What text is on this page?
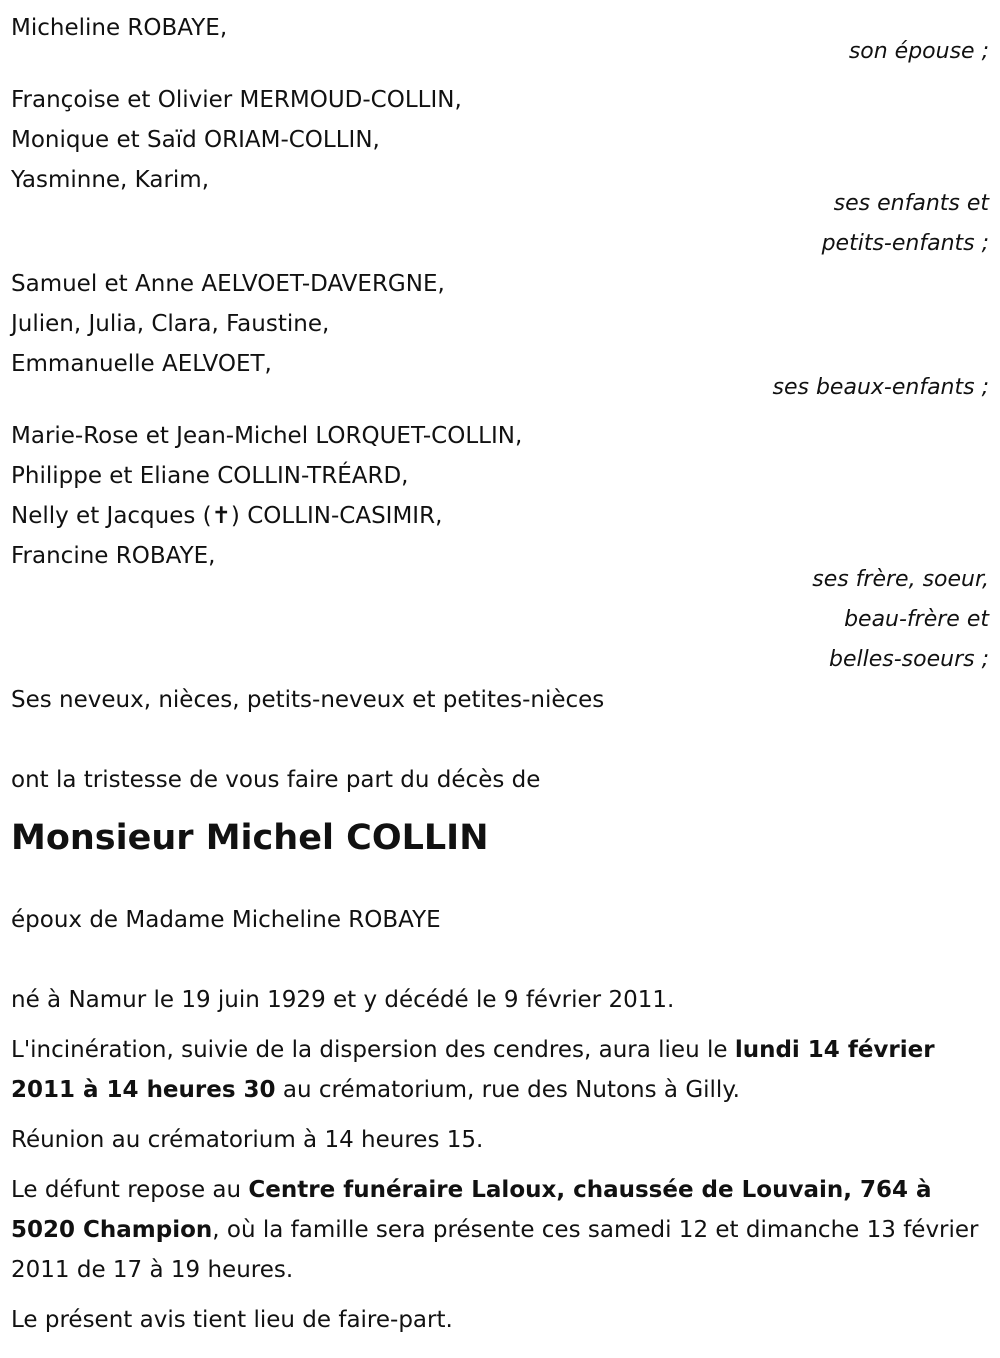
Micheline ROBAYE,
son épouse ;
Françoise et Olivier MERMOUD-COLLIN,
Monique et Saïd ORIAM-COLLIN,
Yasminne, Karim,
ses enfants et
petits-enfants ;
Samuel et Anne AELVOET-DAVERGNE,
Julien, Julia, Clara, Faustine,
Emmanuelle AELVOET,
ses beaux-enfants ;
Marie-Rose et Jean-Michel LORQUET-COLLIN,
Philippe et Eliane COLLIN-TRÉARD,
Nelly et Jacques (✝) COLLIN-CASIMIR,
Francine ROBAYE,
ses frère, soeur,
beau-frère et
belles-soeurs ;
Ses neveux, nièces, petits-neveux et petites-nièces
ont la tristesse de vous faire part du décès de
Monsieur Michel COLLIN
époux de Madame Micheline ROBAYE
né à Namur le 19 juin 1929 et y décédé le 9 février 2011.
L'incinération, suivie de la dispersion des cendres, aura lieu le lundi 14 février 2011 à 14 heures 30 au crématorium, rue des Nutons à Gilly.
Réunion au crématorium à 14 heures 15.
Le défunt repose au Centre funéraire Laloux, chaussée de Louvain, 764 à 5020 Champion, où la famille sera présente ces samedi 12 et dimanche 13 février 2011 de 17 à 19 heures.
Le présent avis tient lieu de faire-part.
